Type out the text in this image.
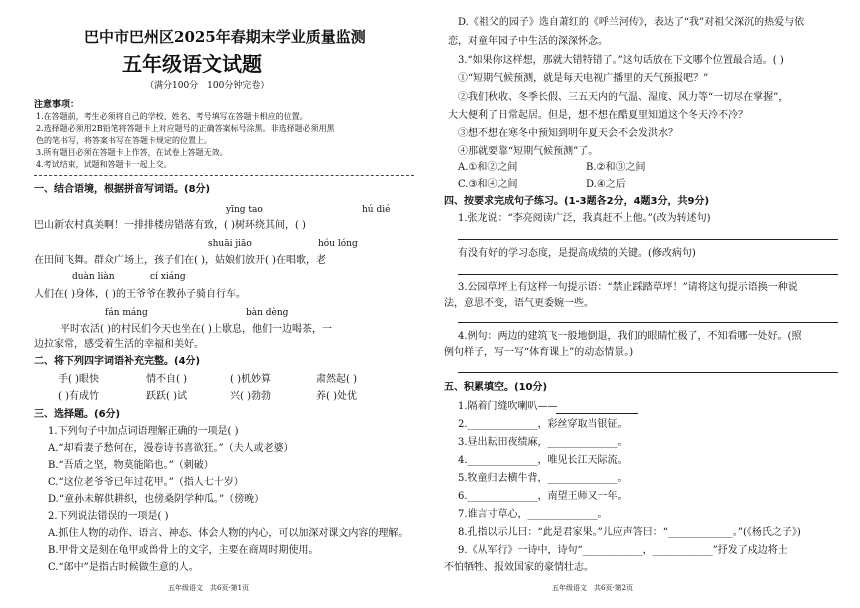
巴中市巴州区2025年春期末学业质量监测
五年级语文试题
（满分100分　100分钟完卷）
注意事项：
1.在答题前，考生必须将自己的学校、姓名、考号填写在答题卡相应的位置。
2.选择题必须用2B铅笔将答题卡上对应题号的正确答案标号涂黑。非选择题必须用黑
色的笔书写，将答案书写在答题卡规定的位置上。
3.所有题目必须在答题卡上作答，在试卷上答题无效。
4.考试结束，试题和答题卡一起上交。
一、结合语境，根据拼音写词语。(8分)
yīng tao	hú dié
巴山新农村真美啊！一排排楼房错落有致，( )树环绕其间，( )
shuāi jiāo	hóu lóng
在田间飞舞。群众广场上，孩子们在( )，姑娘们放开( )在唱歌，老
duàn liàn	cí xiáng
人们在( )身体，( )的王爷爷在教孙子骑自行车。
fán máng	bàn dèng
平时农活( )的村民们今天也坐在( )上歇息，他们一边喝茶，一
边拉家常，感受着生活的幸福和美好。
二、将下列四字词语补充完整。(4分)
手( )眼快	情不自( )	( )机妙算	肃然起( )
( )有成竹	跃跃( )试	兴( )勃勃	养( )处优
三、选择题。(6分)
1.下列句子中加点词语理解正确的一项是( )
A.“却看妻子愁何在，漫卷诗书喜欲狂。”（夫人或老婆）
B.“吾盾之坚，物莫能陷也。”（刺破）
C.“这位老爷爷已年过花甲。”（指人七十岁）
D.“童孙未解供耕织，也傍桑阴学种瓜。”（傍晚）
2.下列说法错误的一项是( )
A.抓住人物的动作、语言、神态、体会人物的内心，可以加深对课文内容的理解。
B.甲骨文是刻在龟甲或兽骨上的文字，主要在商周时期使用。
C.“郎中”是指古时候做生意的人。
五年级语文　共6页·第1页
D.《祖父的园子》选自萧红的《呼兰河传》，表达了“我”对祖父深沉的热爱与依
恋，对童年园子中生活的深深怀念。
3.“如果你这样想，那就大错特错了。”这句话放在下文哪个位置最合适。( )
①“短期气候预测，就是每天电视广播里的天气预报吧？”
②我们秋收、冬季长假、三五天内的气温、湿度、风力等“一切尽在掌握”，
大大便利了日常起居。但是，想不想在酷夏里知道这个冬天冷不冷？
③想不想在寒冬中预知到明年夏天会不会发洪水？
④那就要靠“短期气候预测”了。
A.①和②之间	B.②和③之间
C.③和④之间	D.④之后
四、按要求完成句子练习。(1-3题各2分，4题3分，共9分)
1.张龙说：“李亮阅读广泛，我真赶不上他。”(改为转述句)
有没有好的学习态度，是提高成绩的关键。(修改病句)
3.公园草坪上有这样一句提示语：“禁止踩踏草坪！”请将这句提示语换一种说
法，意思不变，语气更委婉一些。
4.例句：两边的建筑飞一般地倒退，我们的眼睛忙极了，不知看哪一处好。(照
例句样子，写一写“体育课上”的动态情景。)
五、积累填空。(10分)
1.隔着门缝吹喇叭——
2.______________，彩丝穿取当银钲。
3.昼出耘田夜绩麻，______________。
4.______________，唯见长江天际流。
5.牧童归去横牛背，______________。
6.______________，南望王师又一年。
7.谁言寸草心，______________。
8.孔指以示儿曰：“此是君家果。”儿应声答曰：“_____________。”(《杨氏之子》)
9.《从军行》一诗中，诗句“____________，____________”抒发了戍边将士
不怕牺牲、报效国家的豪情壮志。
五年级语文　共6页·第2页
